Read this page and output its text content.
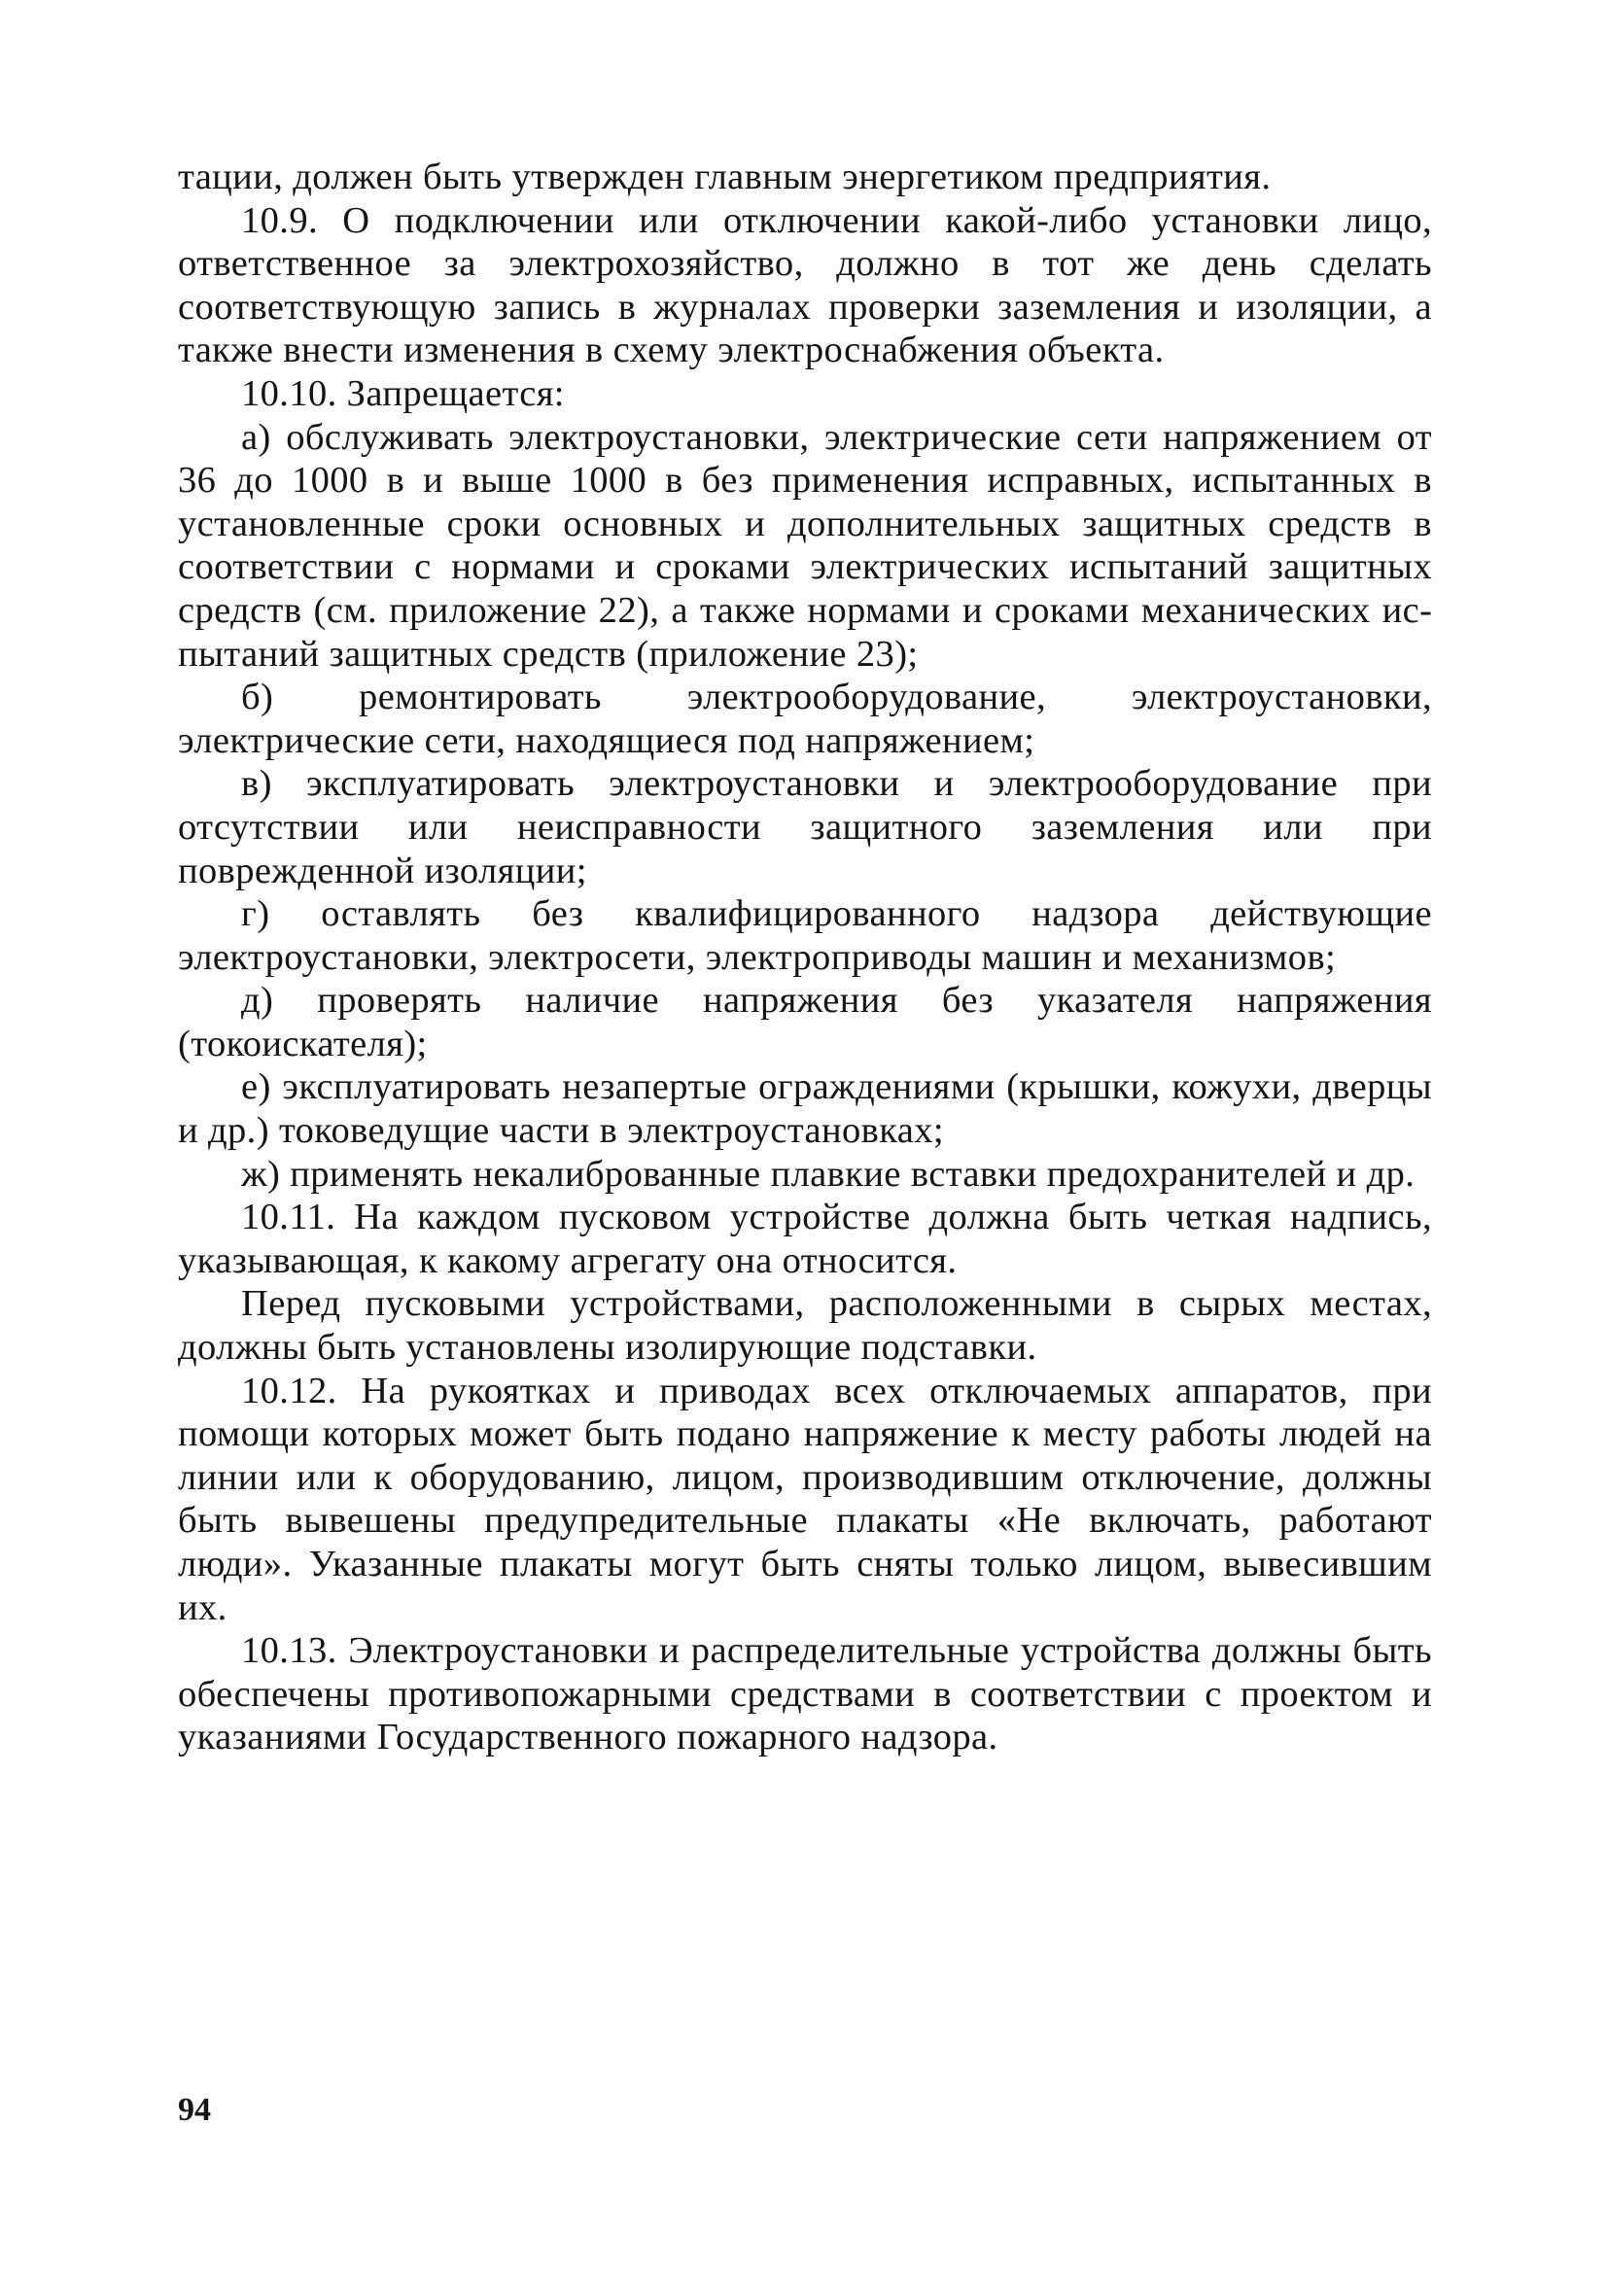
тации, должен быть утвержден главным энергетиком предприятия.

10.9. О подключении или отключении какой-либо установки лицо, ответственное за электрохозяйство, должно в тот же день сделать соответствующую запись в журналах проверки заземления и изоляции, а также внести изменения в схему электроснабжения объекта.

10.10. Запрещается:

а) обслуживать электроустановки, электрические сети напряжением от 36 до 1000 в и выше 1000 в без применения исправных, испытанных в установленные сроки основных и дополнительных защитных средств в соответствии с нормами и сроками электрических испытаний защитных средств (см. приложение 22), а также нормами и сроками механических испытаний защитных средств (приложение 23);

б) ремонтировать электрооборудование, электроустановки, электрические сети, находящиеся под напряжением;

в) эксплуатировать электроустановки и электрооборудование при отсутствии или неисправности защитного заземления или при поврежденной изоляции;

г) оставлять без квалифицированного надзора действующие электроустановки, электросети, электроприводы машин и механизмов;

д) проверять наличие напряжения без указателя напряжения (токоискателя);

е) эксплуатировать незапертые ограждениями (крышки, кожухи, дверцы и др.) токоведущие части в электроустановках;

ж) применять некалиброванные плавкие вставки предохранителей и др.

10.11. На каждом пусковом устройстве должна быть четкая надпись, указывающая, к какому агрегату она относится.

Перед пусковыми устройствами, расположенными в сырых местах, должны быть установлены изолирующие подставки.

10.12. На рукоятках и приводах всех отключаемых аппаратов, при помощи которых может быть подано напряжение к месту работы людей на линии или к оборудованию, лицом, производившим отключение, должны быть вывешены предупредительные плакаты «Не включать, работают люди». Указанные плакаты могут быть сняты только лицом, вывесившим их.

10.13. Электроустановки и распределительные устройства должны быть обеспечены противопожарными средствами в соответствии с проектом и указаниями Государственного пожарного надзора.

94
